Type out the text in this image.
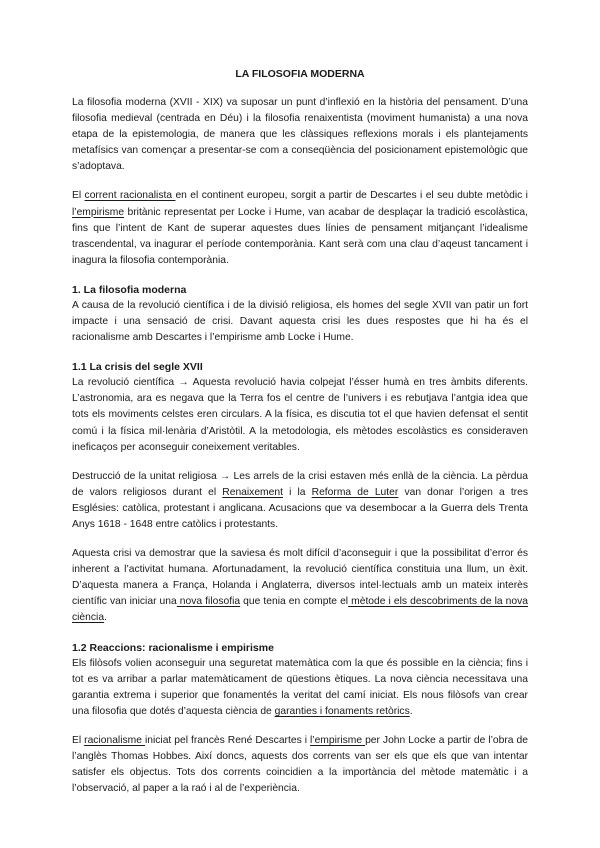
LA FILOSOFIA MODERNA

La filosofia moderna (XVII - XIX) va suposar un punt d’inflexió en la història del pensament. D’una filosofia medieval (centrada en Déu) i la filosofia renaixentista (moviment humanista) a una nova etapa de la epistemologia, de manera que les clàssiques reflexions morals i els plantejaments metafísics van començar a presentar-se com a conseqüència del posicionament epistemològic que s’adoptava.

El corrent racionalista en el continent europeu, sorgit a partir de Descartes i el seu dubte metòdic i l’empirisme britànic representat per Locke i Hume, van acabar de desplaçar la tradició escolàstica, fins que l’intent de Kant de superar aquestes dues línies de pensament mitjançant l’idealisme trascendental, va inagurar el període contemporània. Kant serà com una clau d’aqeust tancament i inagura la filosofia contemporània.

1. La filosofia moderna

A causa de la revolució científica i de la divisió religiosa, els homes del segle XVII van patir un fort impacte i una sensació de crisi. Davant aquesta crisi les dues respostes que hi ha és el racionalisme amb Descartes i l’empirisme amb Locke i Hume.

1.1 La crisis del segle XVII

La revolució científica → Aquesta revolució havia colpejat l’ésser humà en tres àmbits diferents. L’astronomia, ara es negava que la Terra fos el centre de l’univers i es rebutjava l’antgia idea que tots els moviments celstes eren circulars. A la física, es discutia tot el que havien defensat el sentit comú i la física mil·lenària d’Aristòtil. A la metodologia, els mètodes escolàstics es consideraven ineficaços per aconseguir coneixement veritables.

Destrucció de la unitat religiosa → Les arrels de la crisi estaven més enllà de la ciència. La pèrdua de valors religiosos durant el Renaixement i la Reforma de Luter van donar l’origen a tres Esglésies: catòlica, protestant i anglicana. Acusacions que va desembocar a la Guerra dels Trenta Anys 1618 - 1648 entre catòlics i protestants.

Aquesta crisi va demostrar que la saviesa és molt difícil d’aconseguir i que la possibilitat d’error és inherent a l’activitat humana. Afortunadament, la revolució científica constituia una llum, un èxit. D’aquesta manera a França, Holanda i Anglaterra, diversos intel·lectuals amb un mateix interès científic van iniciar una nova filosofia que tenia en compte el mètode i els descobriments de la nova ciència.

1.2 Reaccions: racionalisme i empirisme

Els filòsofs volien aconseguir una seguretat matemàtica com la que és possible en la ciència; fins i tot es va arribar a parlar matemàticament de qüestions ètiques. La nova ciència necessitava una garantia extrema i superior que fonamentés la veritat del camí iniciat. Els nous filòsofs van crear una filosofia que dotés d’aquesta ciència de garanties i fonaments retòrics.

El racionalisme iniciat pel francès René Descartes i l’empirisme per John Locke a partir de l’obra de l’anglès Thomas Hobbes. Així doncs, aquests dos corrents van ser els que els que van intentar satisfer els objectus. Tots dos corrents coincidien a la importància del mètode matemàtic i a l’observació, al paper a la raó i al de l’experiència.
